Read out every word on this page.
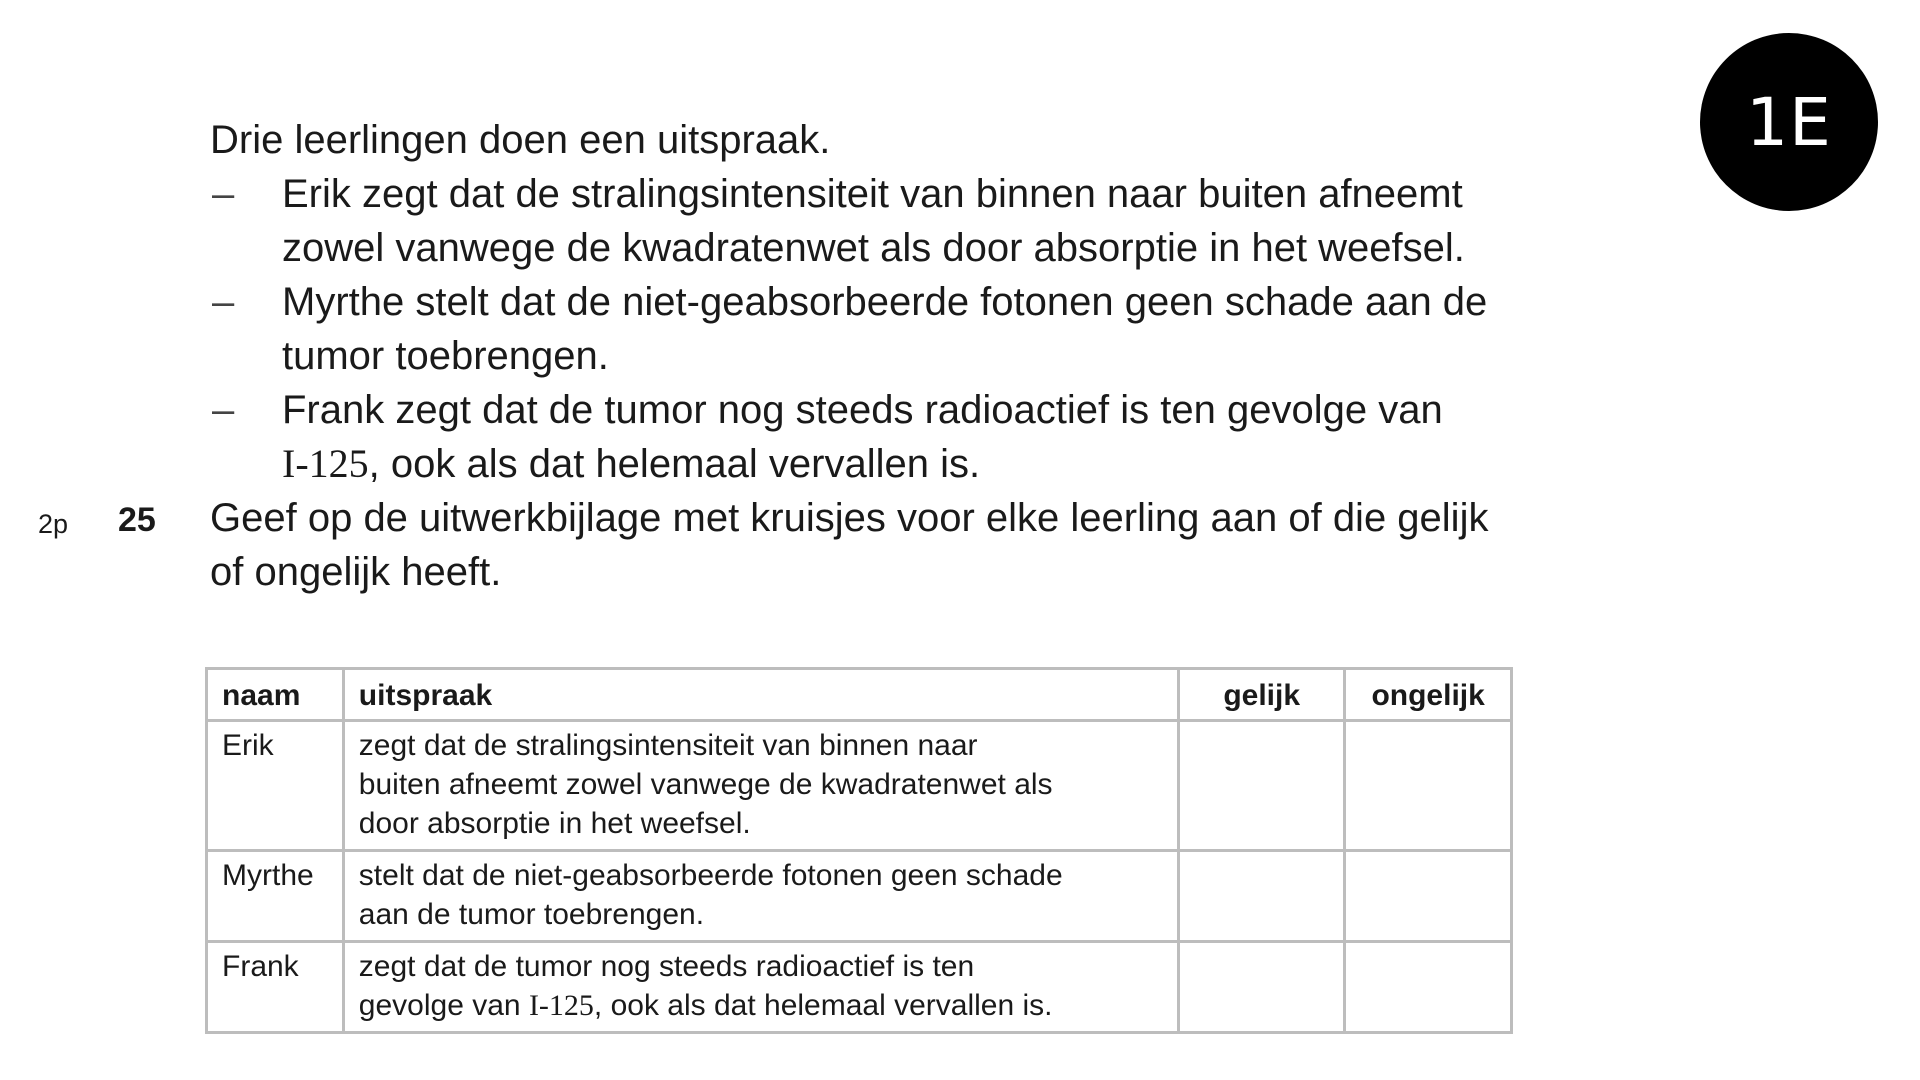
1E

Drie leerlingen doen een uitspraak.

–	Erik zegt dat de stralingsintensiteit van binnen naar buiten afneemt
zowel vanwege de kwadratenwet als door absorptie in het weefsel.
–	Myrthe stelt dat de niet-geabsorbeerde fotonen geen schade aan de
tumor toebrengen.
–	Frank zegt dat de tumor nog steeds radioactief is ten gevolge van
I-125, ook als dat helemaal vervallen is.
2p 25 Geef op de uitwerkbijlage met kruisjes voor elke leerling aan of die gelijk
of ongelijk heeft.
naam	uitspraak	gelijk	ongelijk
Erik	zegt dat de stralingsintensiteit van binnen naar
buiten afneemt zowel vanwege de kwadratenwet als
door absorptie in het weefsel.		
Myrthe	stelt dat de niet-geabsorbeerde fotonen geen schade
aan de tumor toebrengen.		
Frank	zegt dat de tumor nog steeds radioactief is ten
gevolge van I-125, ook als dat helemaal vervallen is.		
